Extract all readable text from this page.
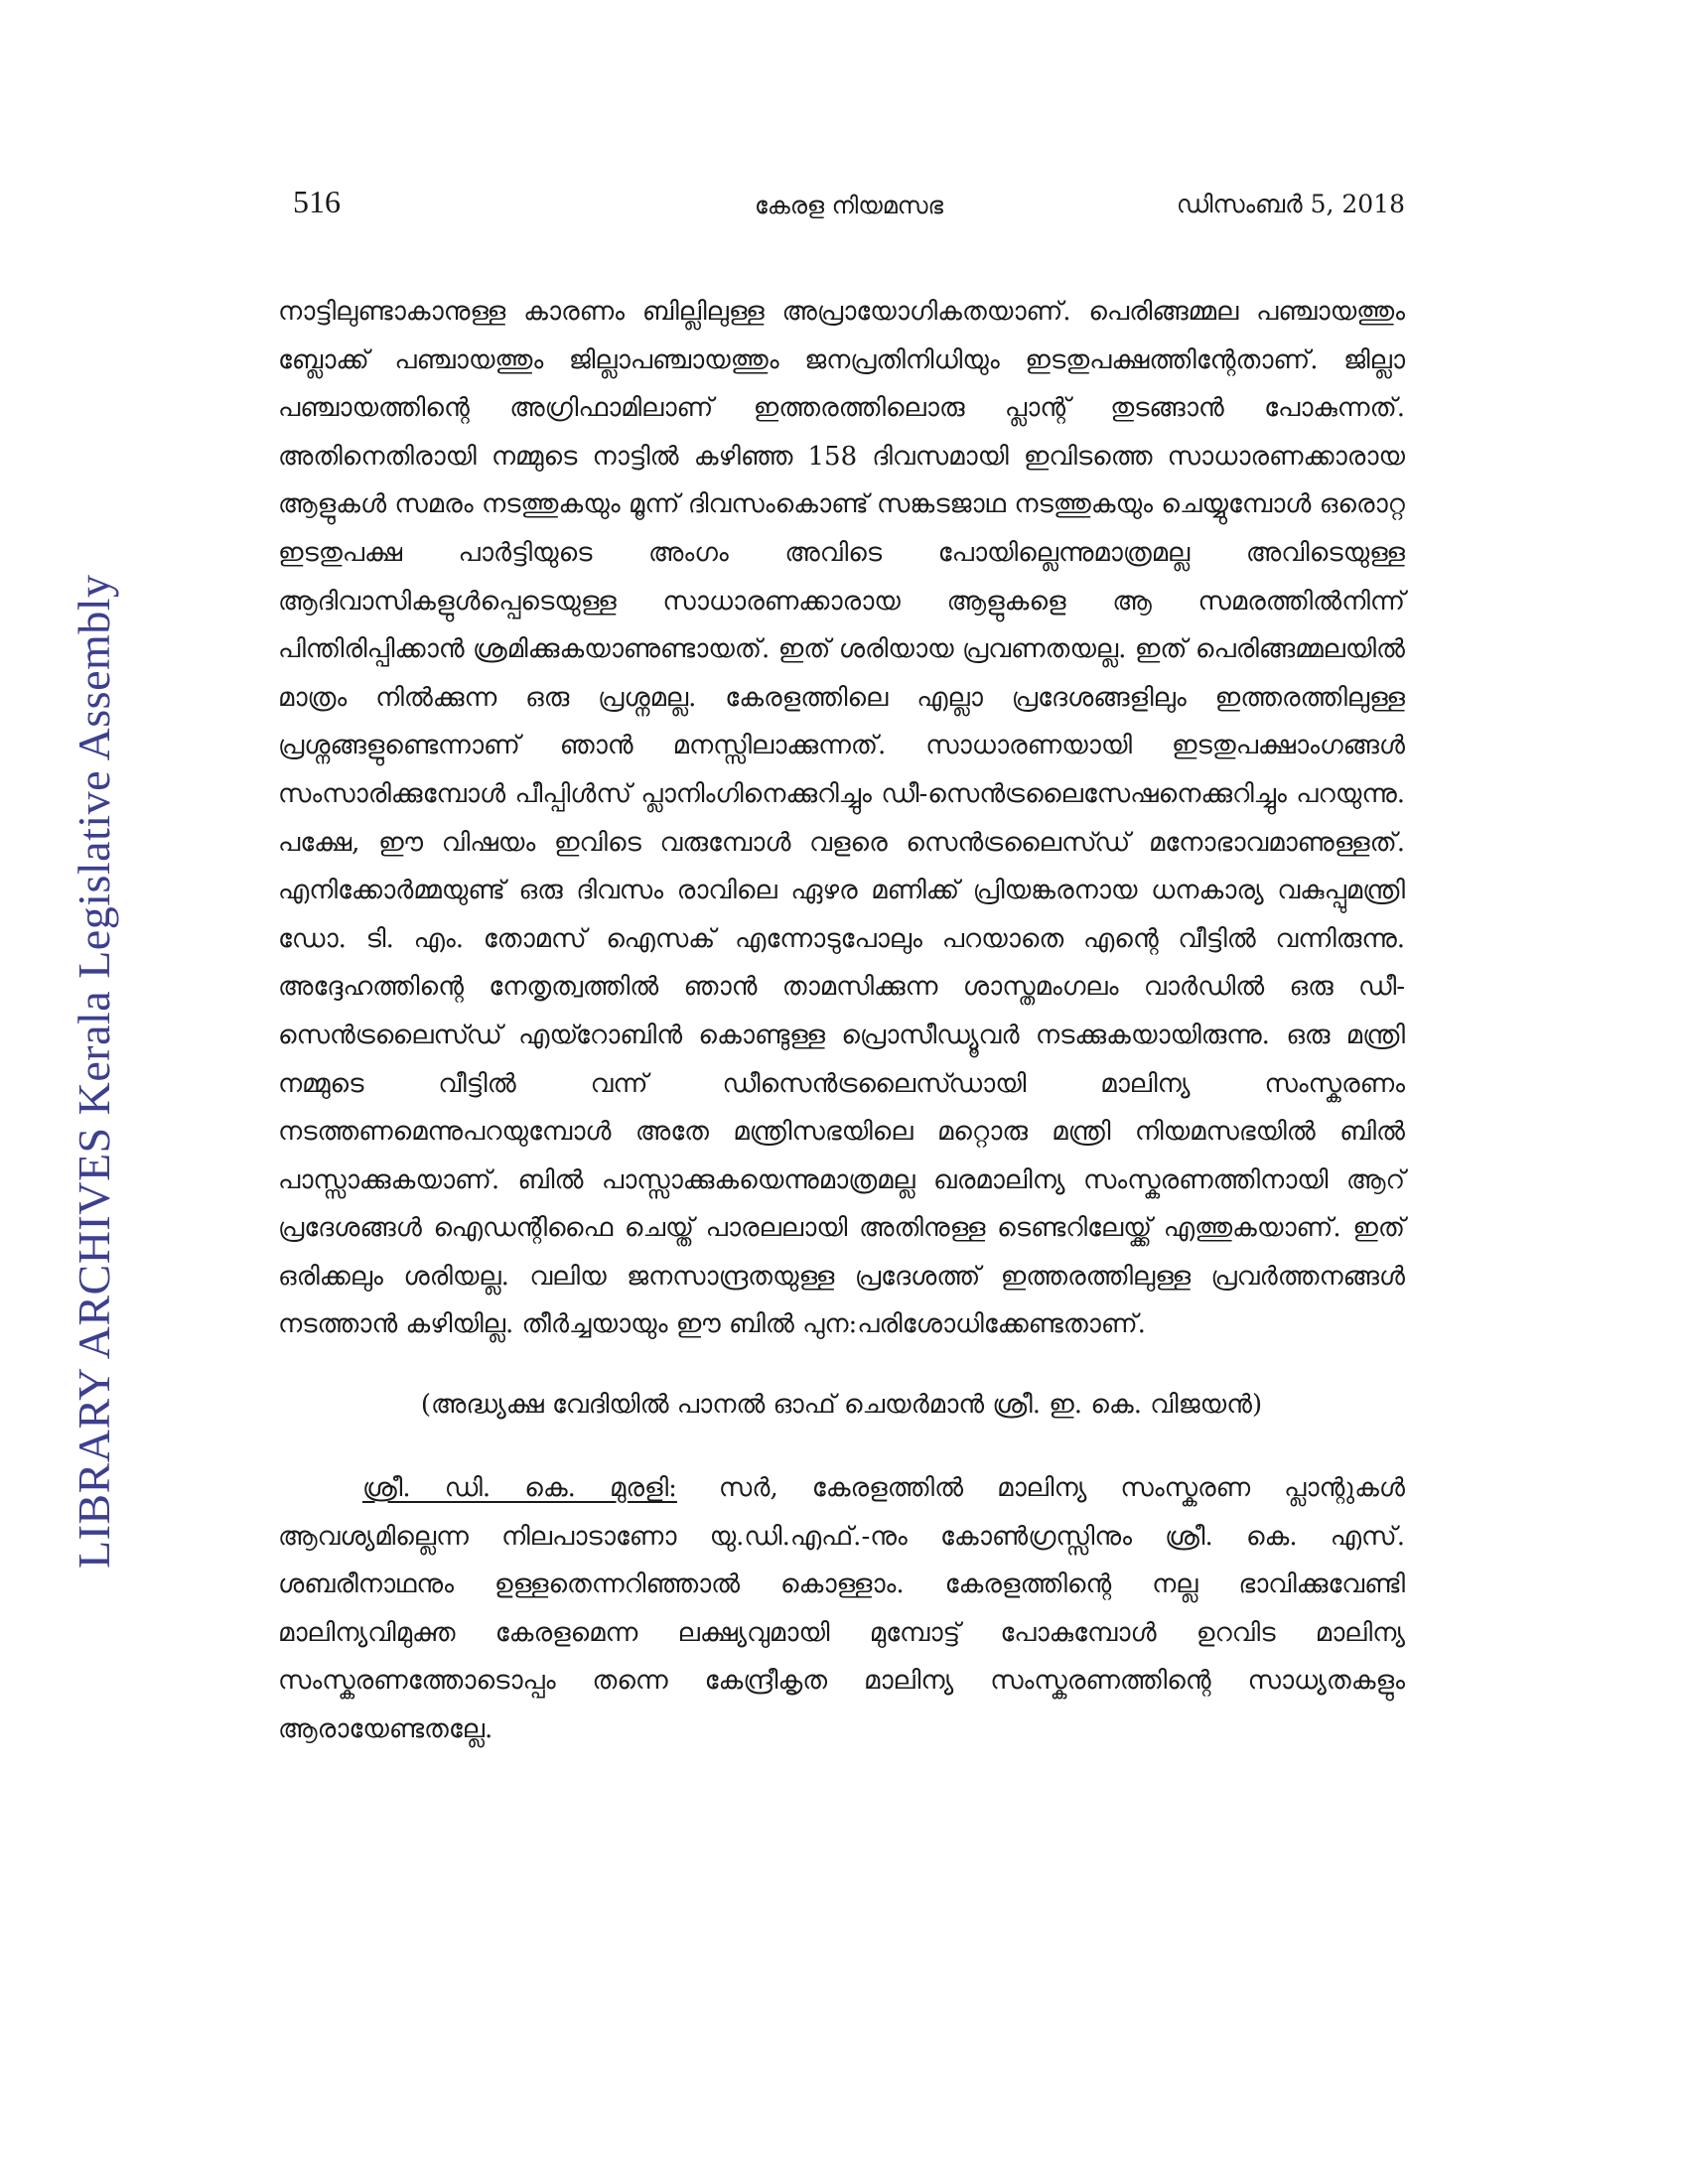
LIBRARY ARCHIVES Kerala Legislative Assembly
516	കേരള നിയമസഭ	ഡിസംബർ 5, 2018

നാട്ടിലുണ്ടാകാനുള്ള കാരണം ബില്ലിലുള്ള അപ്രായോഗികതയാണ്. പെരിങ്ങമ്മല പഞ്ചായത്തും ബ്ലോക്ക് പഞ്ചായത്തും ജില്ലാപഞ്ചായത്തും ജനപ്രതിനിധിയും ഇടതുപക്ഷത്തിന്റേതാണ്. ജില്ലാ പഞ്ചായത്തിന്റെ അഗ്രിഫാമിലാണ് ഇത്തരത്തിലൊരു പ്ലാന്റ് തുടങ്ങാൻ പോകുന്നത്. അതിനെതിരായി നമ്മുടെ നാട്ടിൽ കഴിഞ്ഞ 158 ദിവസമായി ഇവിടത്തെ സാധാരണക്കാരായ ആളുകൾ സമരം നടത്തുകയും മൂന്ന് ദിവസംകൊണ്ട് സങ്കടജാഥ നടത്തുകയും ചെയ്യുമ്പോൾ ഒരൊറ്റ ഇടതുപക്ഷ പാർട്ടിയുടെ അംഗം അവിടെ പോയില്ലെന്നുമാത്രമല്ല അവിടെയുള്ള ആദിവാസികളുൾപ്പെടെയുള്ള സാധാരണക്കാരായ ആളുകളെ ആ സമരത്തിൽനിന്ന് പിന്തിരിപ്പിക്കാൻ ശ്രമിക്കുകയാണുണ്ടായത്. ഇത് ശരിയായ പ്രവണതയല്ല. ഇത് പെരിങ്ങമ്മലയിൽ മാത്രം നിൽക്കുന്ന ഒരു പ്രശ്നമല്ല. കേരളത്തിലെ എല്ലാ പ്രദേശങ്ങളിലും ഇത്തരത്തിലുള്ള പ്രശ്നങ്ങളുണ്ടെന്നാണ് ഞാൻ മനസ്സിലാക്കുന്നത്. സാധാരണയായി ഇടതുപക്ഷാംഗങ്ങൾ സംസാരിക്കുമ്പോൾ പീപ്പിൾസ് പ്ലാനിംഗിനെക്കുറിച്ചും ഡീ-സെൻട്രലൈസേഷനെക്കുറിച്ചും പറയുന്നു. പക്ഷേ, ഈ വിഷയം ഇവിടെ വരുമ്പോൾ വളരെ സെൻട്രലൈസ്ഡ് മനോഭാവമാണുള്ളത്. എനിക്കോർമ്മയുണ്ട് ഒരു ദിവസം രാവിലെ ഏഴര മണിക്ക് പ്രിയങ്കരനായ ധനകാര്യ വകുപ്പുമന്ത്രി ഡോ. ടി. എം. തോമസ് ഐസക് എന്നോടുപോലും പറയാതെ എന്റെ വീട്ടിൽ വന്നിരുന്നു. അദ്ദേഹത്തിന്റെ നേതൃത്വത്തിൽ ഞാൻ താമസിക്കുന്ന ശാസ്തമംഗലം വാർഡിൽ ഒരു ഡീ-സെൻട്രലൈസ്ഡ് എയ്റോബിൻ കൊണ്ടുള്ള പ്രൊസീഡ്യൂവർ നടക്കുകയായിരുന്നു. ഒരു മന്ത്രി നമ്മുടെ വീട്ടിൽ വന്ന് ഡീസെൻട്രലൈസ്ഡായി മാലിന്യ സംസ്കരണം നടത്തണമെന്നുപറയുമ്പോൾ അതേ മന്ത്രിസഭയിലെ മറ്റൊരു മന്ത്രി നിയമസഭയിൽ ബിൽ പാസ്സാക്കുകയാണ്. ബിൽ പാസ്സാക്കുകയെന്നുമാത്രമല്ല ഖരമാലിന്യ സംസ്കരണത്തിനായി ആറ് പ്രദേശങ്ങൾ ഐഡന്റിഫൈ ചെയ്ത് പാരലലായി അതിനുള്ള ടെണ്ടറിലേയ്ക്ക് എത്തുകയാണ്. ഇത് ഒരിക്കലും ശരിയല്ല. വലിയ ജനസാന്ദ്രതയുള്ള പ്രദേശത്ത് ഇത്തരത്തിലുള്ള പ്രവർത്തനങ്ങൾ നടത്താൻ കഴിയില്ല. തീർച്ചയായും ഈ ബിൽ പുന:പരിശോധിക്കേണ്ടതാണ്.

(അദ്ധ്യക്ഷ വേദിയിൽ പാനൽ ഓഫ് ചെയർമാൻ ശ്രീ. ഇ. കെ. വിജയൻ)

ശ്രീ. ഡി. കെ. മുരളി: സർ, കേരളത്തിൽ മാലിന്യ സംസ്കരണ പ്ലാന്റുകൾ ആവശ്യമില്ലെന്ന നിലപാടാണോ യു.ഡി.എഫ്.-നും കോൺഗ്രസ്സിനും ശ്രീ. കെ. എസ്. ശബരീനാഥനും ഉള്ളതെന്നറിഞ്ഞാൽ കൊള്ളാം. കേരളത്തിന്റെ നല്ല ഭാവിക്കുവേണ്ടി മാലിന്യവിമുക്ത കേരളമെന്ന ലക്ഷ്യവുമായി മുമ്പോട്ട് പോകുമ്പോൾ ഉറവിട മാലിന്യ സംസ്കരണത്തോടൊപ്പം തന്നെ കേന്ദ്രീകൃത മാലിന്യ സംസ്കരണത്തിന്റെ സാധ്യതകളും ആരായേണ്ടതല്ലേ.
